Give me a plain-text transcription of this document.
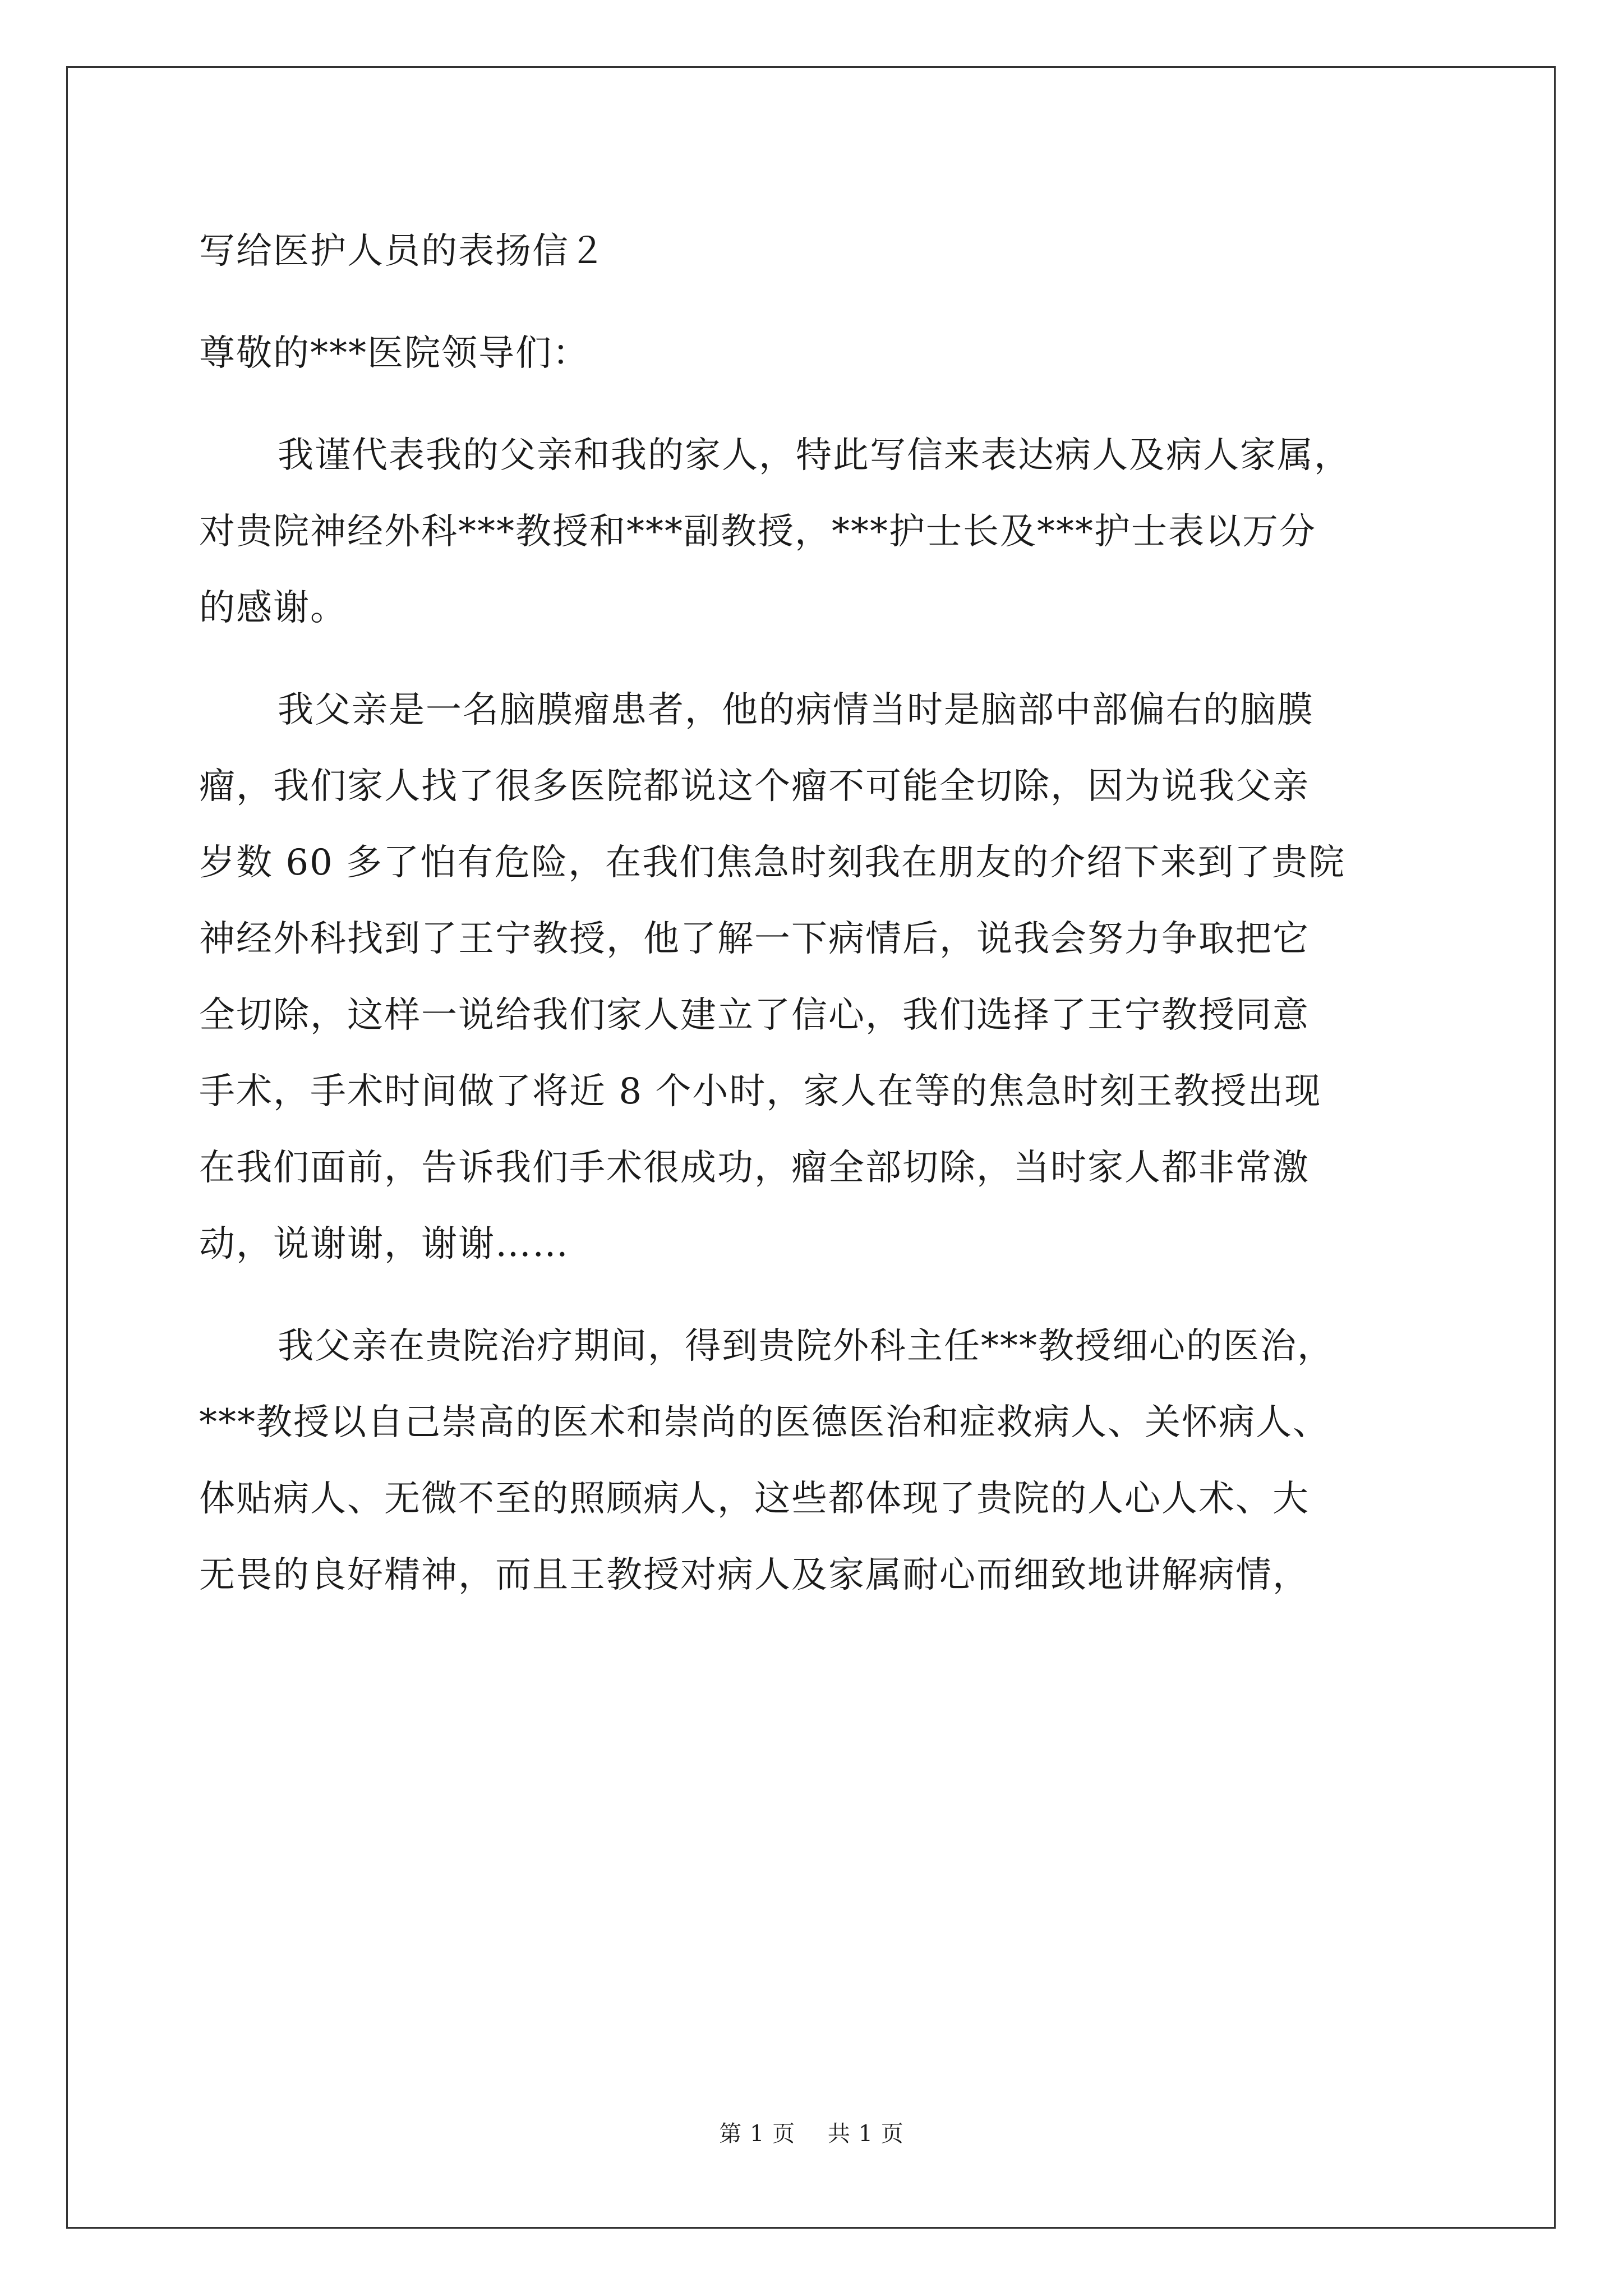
写给医护人员的表扬信２
尊敬的***医院领导们：
我谨代表我的父亲和我的家人，特此写信来表达病人及病人家属，
对贵院神经外科***教授和***副教授，***护士长及***护士表以万分
的感谢。
我父亲是一名脑膜瘤患者，他的病情当时是脑部中部偏右的脑膜
瘤，我们家人找了很多医院都说这个瘤不可能全切除，因为说我父亲
岁数 60 多了怕有危险，在我们焦急时刻我在朋友的介绍下来到了贵院
神经外科找到了王宁教授，他了解一下病情后，说我会努力争取把它
全切除，这样一说给我们家人建立了信心，我们选择了王宁教授同意
手术，手术时间做了将近 8 个小时，家人在等的焦急时刻王教授出现
在我们面前，告诉我们手术很成功，瘤全部切除，当时家人都非常激
动，说谢谢，谢谢……
我父亲在贵院治疗期间，得到贵院外科主任***教授细心的医治，
***教授以自己崇高的医术和崇尚的医德医治和症救病人、关怀病人、
体贴病人、无微不至的照顾病人，这些都体现了贵院的人心人术、大
无畏的良好精神，而且王教授对病人及家属耐心而细致地讲解病情，
第 1 页 共 1 页
